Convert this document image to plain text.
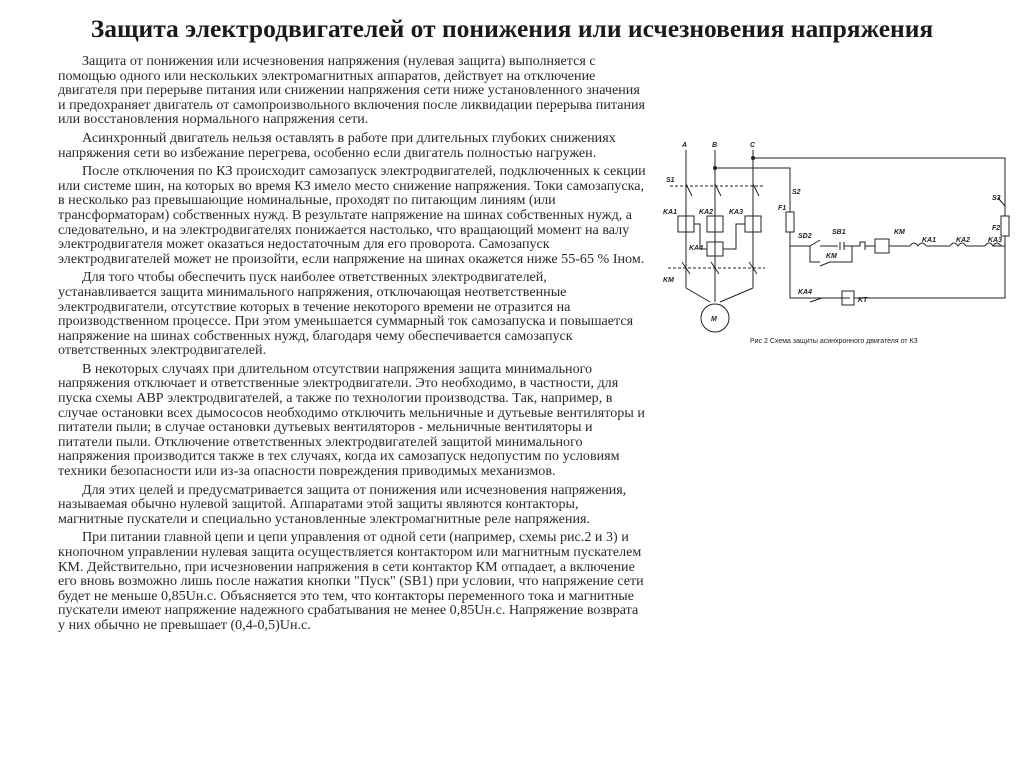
Защита электродвигателей от понижения или исчезновения напряжения

Защита от понижения или исчезновения напряжения (нулевая защита) выполняется с помощью одного или нескольких электромагнитных аппаратов, действует на отключение двигателя при перерыве питания или снижении напряжения сети ниже установленного значения и предохраняет двигатель от самопроизвольного включения после ликвидации перерыва питания или восстановления нормального напряжения сети.

Асинхронный двигатель нельзя оставлять в работе при длительных глубоких снижениях напряжения сети во избежание перегрева, особенно если двигатель полностью нагружен.

После отключения по КЗ происходит самозапуск электродвигателей, подключенных к секции или системе шин, на которых во время КЗ имело место снижение напряжения. Токи самозапуска, в несколько раз превышающие номинальные, проходят по питающим линиям (или трансформаторам) собственных нужд. В результате напряжение на шинах собственных нужд, а следовательно, и на электродвигателях понижается настолько, что вращающий момент на валу электродвигателя может оказаться недостаточным для его проворота. Самозапуск электродвигателей может не произойти, если напряжение на шинах окажется ниже 55-65 % Iном.

Для того чтобы обеспечить пуск наиболее ответственных электродвигателей, устанавливается защита минимального напряжения, отключающая неответственные электродвигатели, отсутствие которых в течение некоторого времени не отразится на производственном процессе. При этом уменьшается суммарный ток самозапуска и повышается напряжение на шинах собственных нужд, благодаря чему обеспечивается самозапуск ответственных электродвигателей.

В некоторых случаях при длительном отсутствии напряжения защита минимального напряжения отключает и ответственные электродвигатели. Это необходимо, в частности, для пуска схемы АВР электродвигателей, а также по технологии производства. Так, например, в случае остановки всех дымососов необходимо отключить мельничные и дутьевые вентиляторы и питатели пыли; в случае остановки дутьевых вентиляторов - мельничные вентиляторы и питатели пыли. Отключение ответственных электродвигателей защитой минимального напряжения производится также в тех случаях, когда их самозапуск недопустим по условиям техники безопасности или из-за опасности повреждения приводимых механизмов.

Для этих целей и предусматривается защита от понижения или исчезновения напряжения, называемая обычно нулевой защитой. Аппаратами этой защиты являются контакторы, магнитные пускатели и специально установленные электромагнитные реле напряжения.

При питании главной цепи и цепи управления от одной сети (например, схемы рис.2 и 3) и кнопочном управлении нулевая защита осуществляется контактором или магнитным пускателем КМ. Действительно, при исчезновении напряжения в сети контактор КМ отпадает, а включение его вновь возможно лишь после нажатия кнопки "Пуск" (SB1) при условии, что напряжение сети будет не меньше 0,85Uн.с. Объясняется это тем, что контакторы переменного тока и магнитные пускатели имеют напряжение надежного срабатывания не менее 0,85Uн.с. Напряжение возврата у них обычно не превышает (0,4-0,5)Uн.с.

A	B	C
S1
S2
S3
KA1	KA2 KA3
KA4
KM
M
F1
F2
SD2
SB1	KM
KA1	KA2	KA3
KM
KA4
KT
Рис 2 Схема защиты асинхронного двигателя от КЗ
